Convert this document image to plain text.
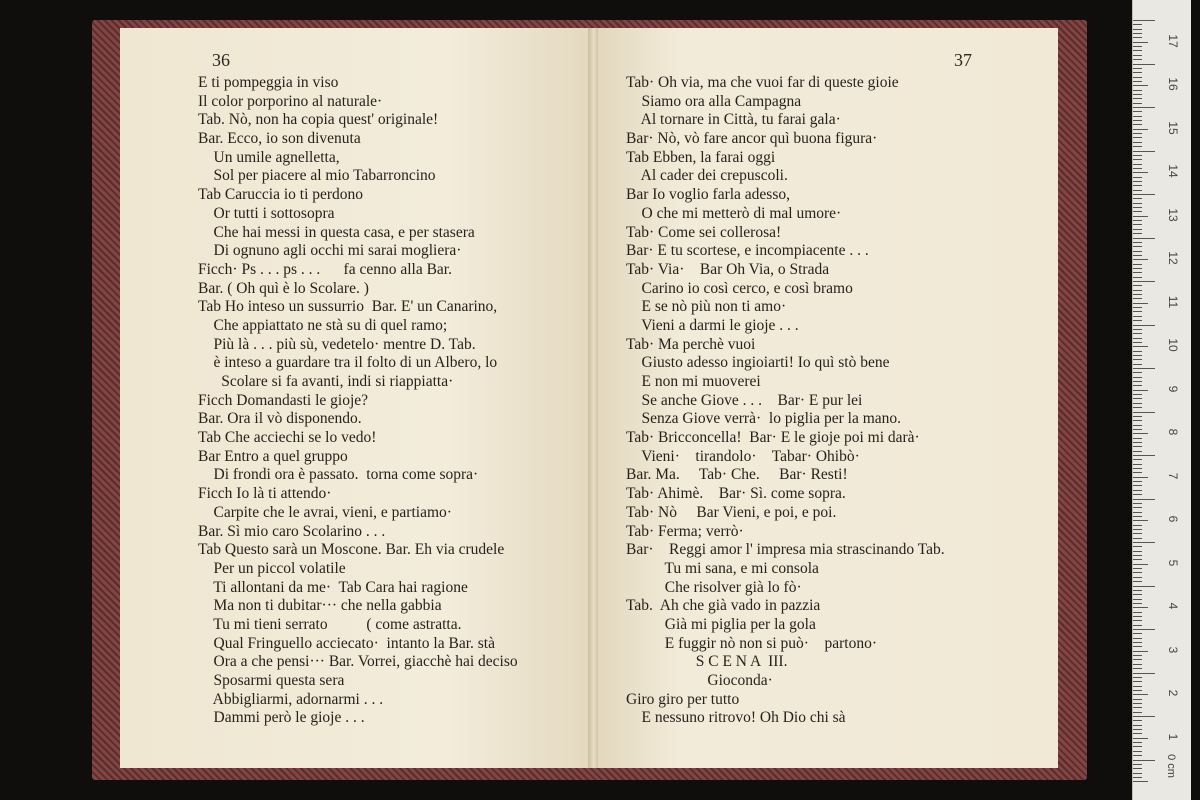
36
E ti pompeggia in viso
Il color porporino al naturale·
Tab. Nò, non ha copia quest' originale!
Bar. Ecco, io son divenuta
Un umile agnelletta,
Sol per piacere al mio Tabarroncino
Tab Caruccia io ti perdono
Or tutti i sottosopra
Che hai messi in questa casa, e per stasera
Di ognuno agli occhi mi sarai mogliera·
Ficch· Ps . . . ps . . .      fa cenno alla Bar.
Bar. ( Oh quì è lo Scolare. )
Tab Ho inteso un sussurrio  Bar. E' un Canarino,
Che appiattato ne stà su di quel ramo;
Più là . . . più sù, vedetelo· mentre D. Tab.
è inteso a guardare tra il folto di un Albero, lo
Scolare si fa avanti, indi si riappiatta·
Ficch Domandasti le gioje?
Bar. Ora il vò disponendo.
Tab Che acciechi se lo vedo!
Bar Entro a quel gruppo
Di frondi ora è passato.  torna come sopra·
Ficch Io là ti attendo·
Carpite che le avrai, vieni, e partiamo·
Bar. Sì mio caro Scolarino . . .
Tab Questo sarà un Moscone. Bar. Eh via crudele
Per un piccol volatile
Ti allontani da me·  Tab Cara hai ragione
Ma non ti dubitar··· che nella gabbia
Tu mi tieni serrato          ( come astratta.
Qual Fringuello acciecato·  intanto la Bar. stà
Ora a che pensi··· Bar. Vorrei, giacchè hai deciso
Sposarmi questa sera
Abbigliarmi, adornarmi . . .
Dammi però le gioje . . .
37
Tab· Oh via, ma che vuoi far di queste gioie
Siamo ora alla Campagna
Al tornare in Città, tu farai gala·
Bar· Nò, vò fare ancor quì buona figura·
Tab Ebben, la farai oggi
Al cader dei crepuscoli.
Bar Io voglio farla adesso,
O che mi metterò di mal umore·
Tab· Come sei collerosa!
Bar· E tu scortese, e incompiacente . . .
Tab· Via·    Bar Oh Via, o Strada
Carino io così cerco, e così bramo
E se nò più non ti amo·
Vieni a darmi le gioje . . .
Tab· Ma perchè vuoi
Giusto adesso ingioiarti! Io quì stò bene
E non mi muoverei
Se anche Giove . . .    Bar· E pur lei
Senza Giove verrà·  lo piglia per la mano.
Tab· Bricconcella!  Bar· E le gioje poi mi darà·
Vieni·    tirandolo·    Tabar· Ohibò·
Bar. Ma.     Tab· Che.     Bar· Resti!
Tab· Ahimè.    Bar· Sì. come sopra.
Tab· Nò     Bar Vieni, e poi, e poi.
Tab· Ferma; verrò·
Bar·    Reggi amor l' impresa mia strascinando Tab.
Tu mi sana, e mi consola
Che risolver già lo fò·
Tab.  Ah che già vado in pazzia
Già mi piglia per la gola
E fuggir nò non si può·    partono·
S C E N A  III.
Gioconda·
Giro giro per tutto
E nessuno ritrovo! Oh Dio chi sà
0 cm
17
16
15
14
13
12
11
10
9
8
7
6
5
4
3
2
1
